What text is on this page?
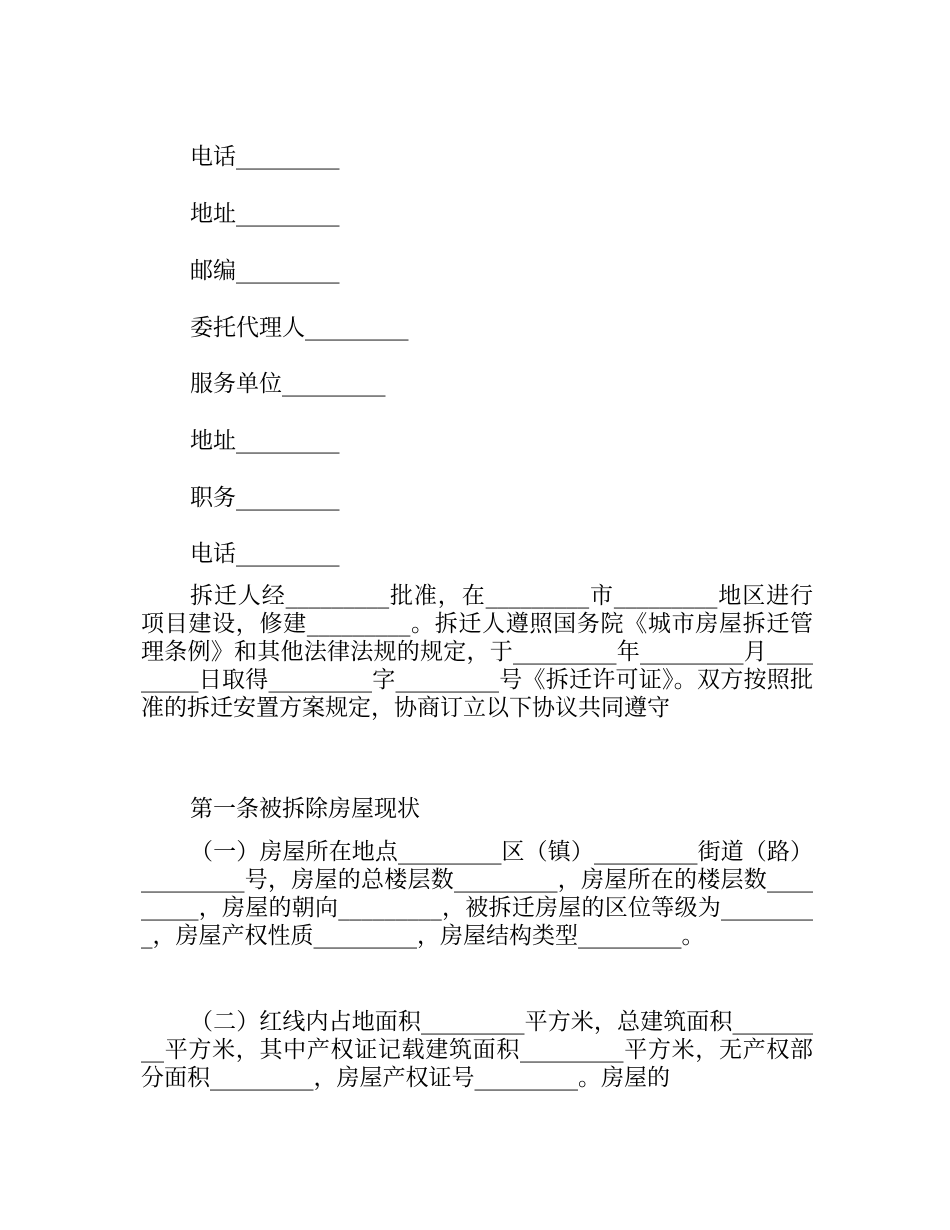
电话_________
地址_________
邮编_________
委托代理人_________
服务单位_________
地址_________
职务_________
电话_________

拆迁人经_________批准，在_________市_________地区进行项目建设，修建_________。拆迁人遵照国务院《城市房屋拆迁管理条例》和其他法律法规的规定，于_________年_________月_________日取得_________字_________号《拆迁许可证》。双方按照批准的拆迁安置方案规定，协商订立以下协议共同遵守

第一条被拆除房屋现状

（一）房屋所在地点_________区（镇）_________街道（路）_________号，房屋的总楼层数_________，房屋所在的楼层数_________，房屋的朝向_________，被拆迁房屋的区位等级为_________，房屋产权性质_________，房屋结构类型_________。

（二）红线内占地面积_________平方米，总建筑面积_________平方米，其中产权证记载建筑面积_________平方米，无产权部分面积_________，房屋产权证号_________。房屋的
